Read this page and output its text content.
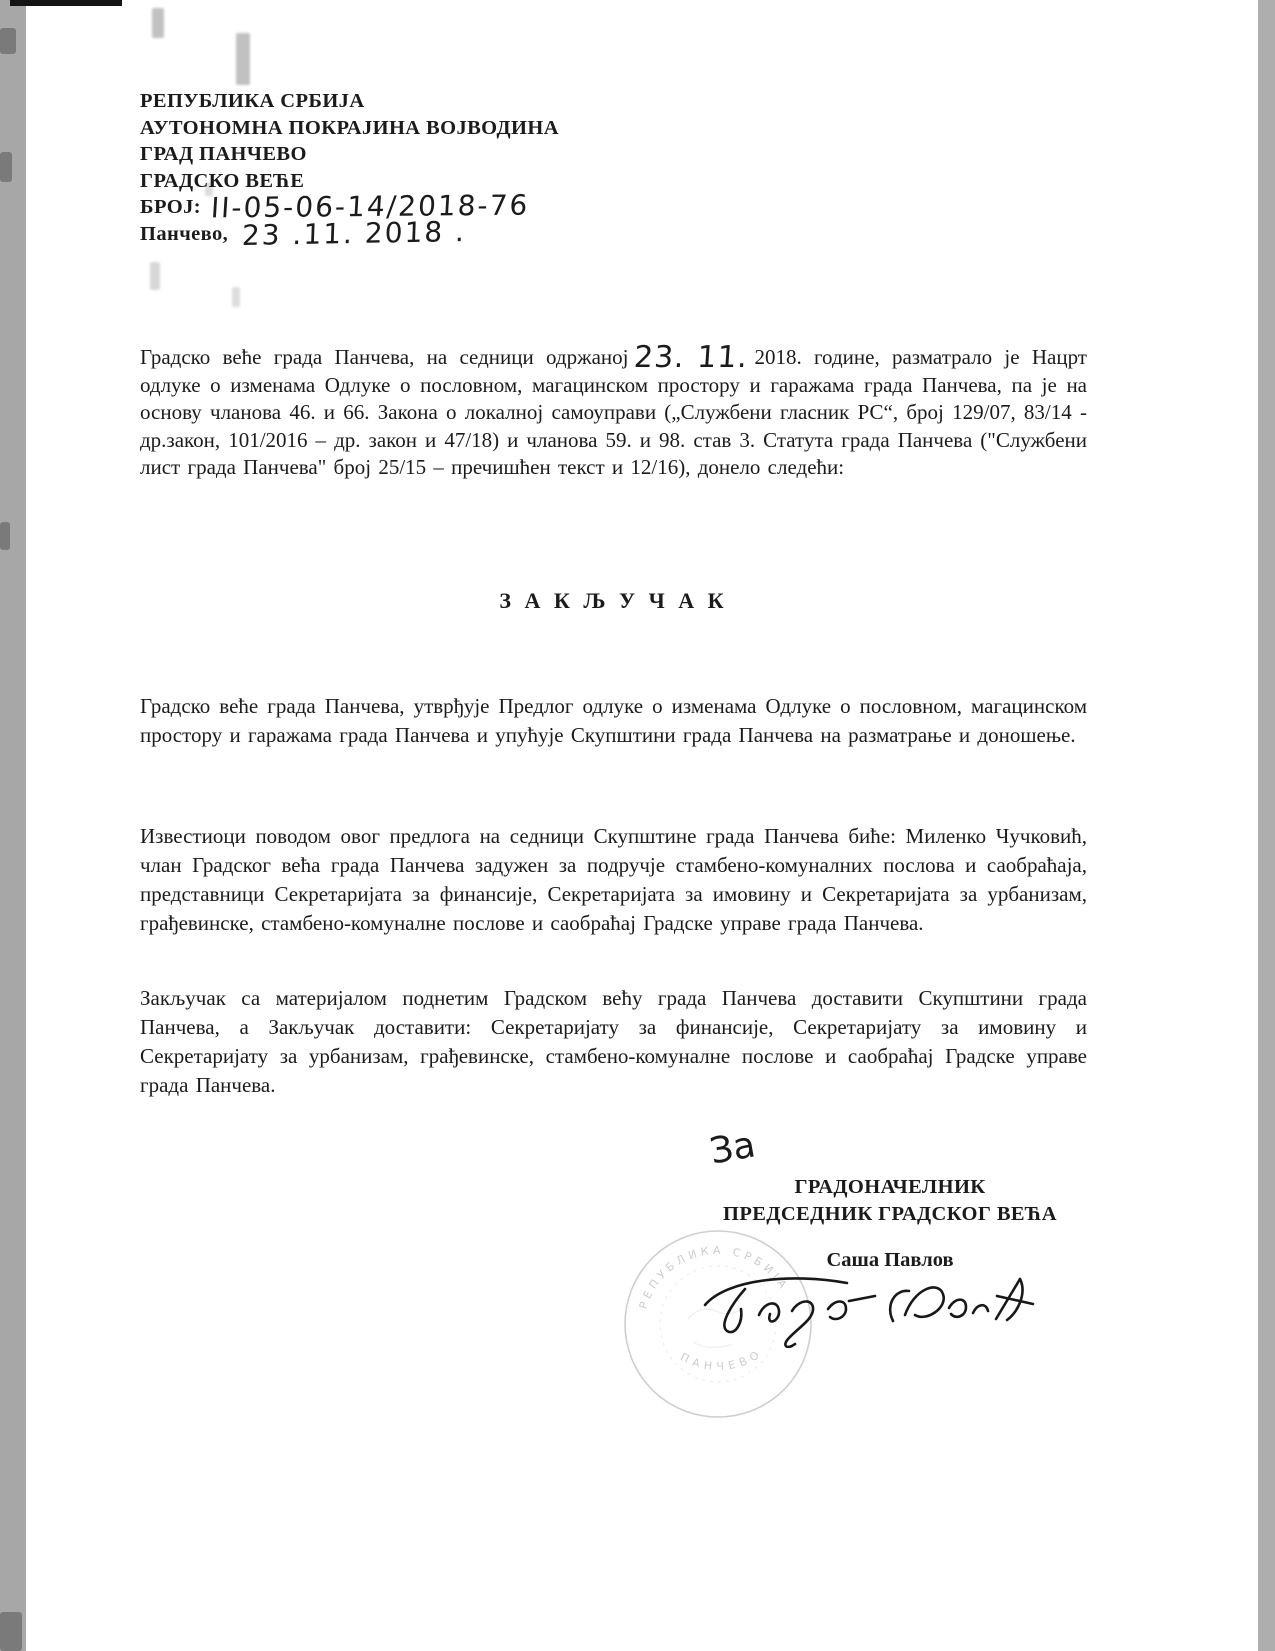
РЕПУБЛИКА СРБИЈА
АУТОНОМНА ПОКРАЈИНА ВОЈВОДИНА
ГРАД ПАНЧЕВО
ГРАДСКО ВЕЋЕ
БРОЈ: II-05-06-14/2018-76
Панчево, 23 .11. 2018 .
Градско веће града Панчева, на седници одржаној 23. 11. 2018. године, разматрало је Нацрт одлуке о изменама Одлуке о пословном, магацинском простору и гаражама града Панчева, па је на основу чланова 46. и 66. Закона о локалној самоуправи („Службени гласник РС“, број 129/07, 83/14 - др.закон, 101/2016 – др. закон и 47/18) и чланова 59. и 98. став 3. Статута града Панчева ("Службени лист града Панчева" број 25/15 – пречишћен текст и 12/16), донело следећи:
З А К Љ У Ч А К
Градско веће града Панчева, утврђује Предлог одлуке о изменама Одлуке о пословном, магацинском простору и гаражама града Панчева и упућује Скупштини града Панчева на разматрање и доношење.
Известиоци поводом овог предлога на седници Скупштине града Панчева биће: Миленко Чучковић, члан Градског већа града Панчева задужен за подручје стамбено-комуналних послова и саобраћаја, представници Секретаријата за финансије, Секретаријата за имовину и Секретаријата за урбанизам, грађевинске, стамбено-комуналне послове и саобраћај Градске управе града Панчева.
Закључак са материјалом поднетим Градском већу града Панчева доставити Скупштини града Панчева, а Закључак доставити: Секретаријату за финансије, Секретаријату за имовину и Секретаријату за урбанизам, грађевинске, стамбено-комуналне послове и саобраћај Градске управе града Панчева.
За
ГРАДОНАЧЕЛНИК
ПРЕДСЕДНИК ГРАДСКОГ ВЕЋА
Саша Павлов
РЕПУБЛИКА СРБИЈА
ПАНЧЕВО
